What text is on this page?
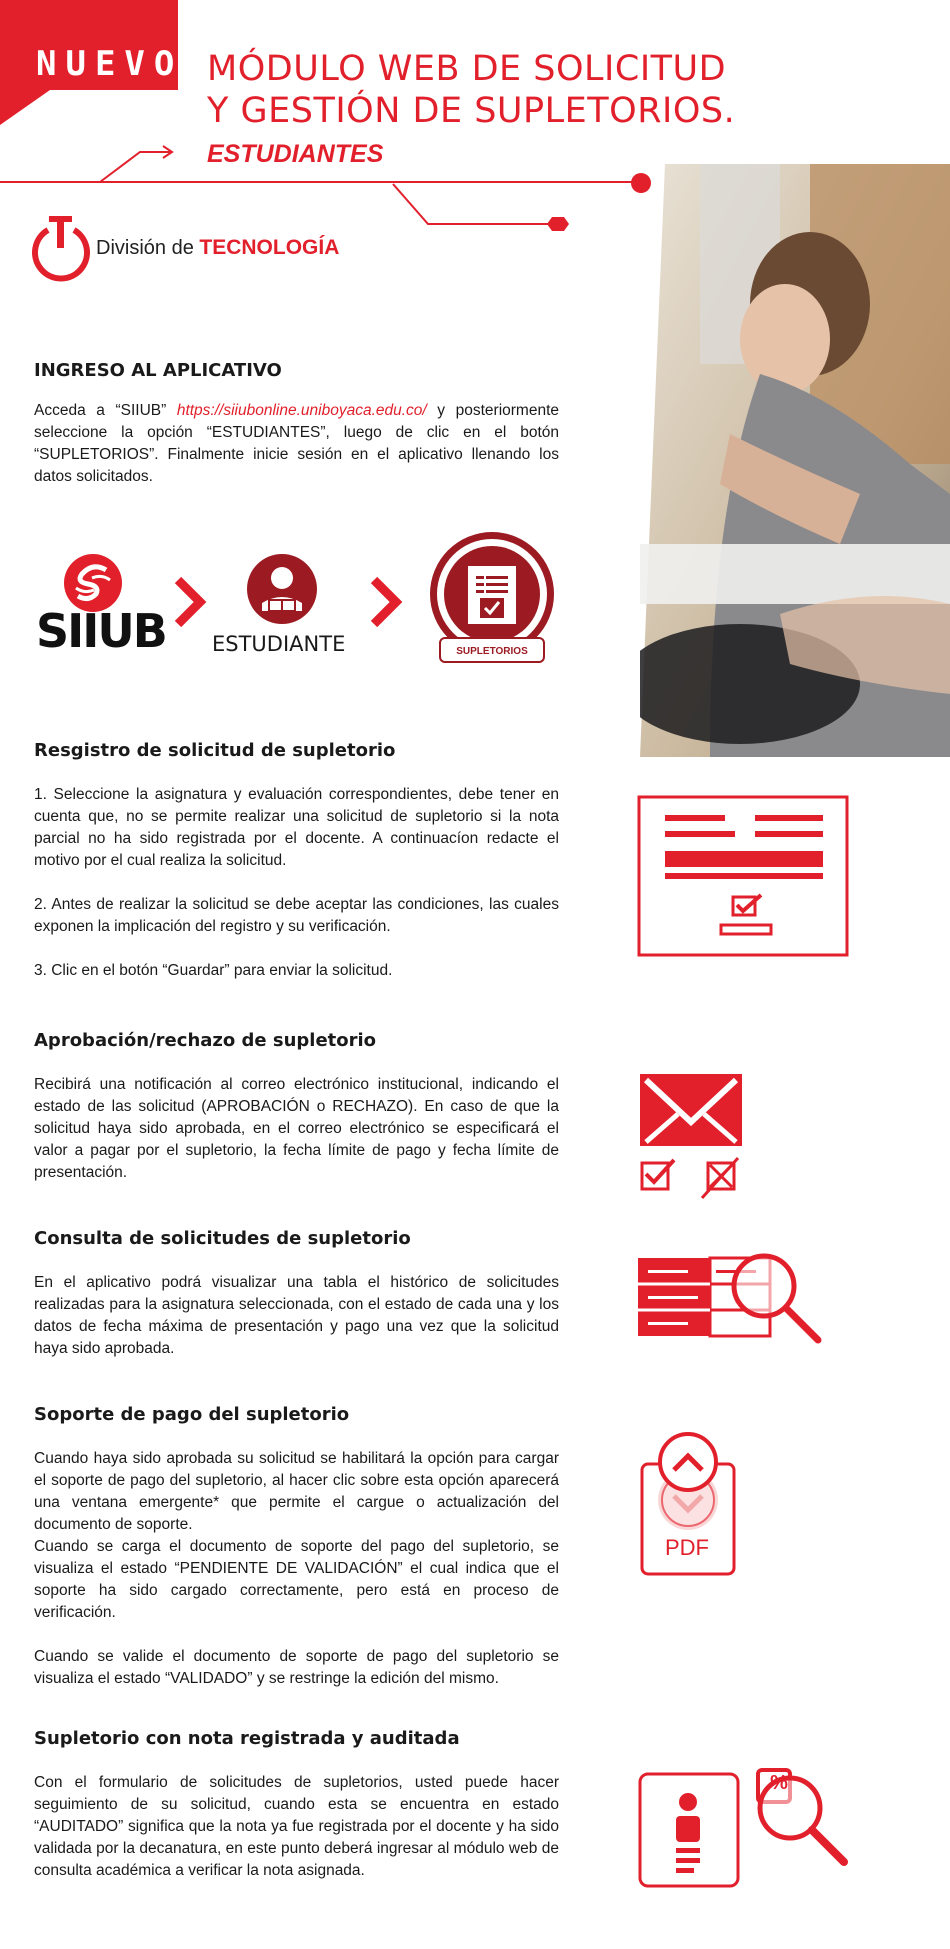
NUEVO MÓDULO WEB DE SOLICITUD
Y GESTIÓN DE SUPLETORIOS.
ESTUDIANTES
División de TECNOLOGÍA
INGRESO AL APLICATIVO

Acceda a “SIIUB” https://siiubonline.uniboyaca.edu.co/ y posteriormente seleccione la opción “ESTUDIANTES”, luego de clic en el botón “SUPLETORIOS”. Finalmente inicie sesión en el aplicativo llenando los datos solicitados.

SIIUB ESTUDIANTE	SUPLETORIOS
Resgistro de solicitud de supletorio

1. Seleccione la asignatura y evaluación correspondientes, debe tener en cuenta que, no se permite realizar una solicitud de supletorio si la nota parcial no ha sido registrada por el docente. A continuacíon redacte el motivo por el cual realiza la solicitud.

2. Antes de realizar la solicitud se debe aceptar las condiciones, las cuales exponen la implicación del registro y su verificación.

3. Clic en el botón “Guardar” para enviar la solicitud.

Aprobación/rechazo de supletorio

Recibirá una notificación al correo electrónico institucional, indicando el estado de las solicitud (APROBACIÓN o RECHAZO). En caso de que la solicitud haya sido aprobada, en el correo electrónico se especificará el valor a pagar por el supletorio, la fecha límite de pago y fecha límite de presentación.

Consulta de solicitudes de supletorio

En el aplicativo podrá visualizar una tabla el histórico de solicitudes realizadas para la asignatura seleccionada, con el estado de cada una y los datos de fecha máxima de presentación y pago una vez que la solicitud haya sido aprobada.

Soporte de pago del supletorio

Cuando haya sido aprobada su solicitud se habilitará la opción para cargar el soporte de pago del supletorio, al hacer clic sobre esta opción aparecerá una ventana emergente* que permite el cargue o actualización del documento de soporte.

Cuando se carga el documento de soporte del pago del supletorio, se visualiza el estado “PENDIENTE DE VALIDACIÓN” el cual indica que el soporte ha sido cargado correctamente, pero está en proceso de verificación.

Cuando se valide el documento de soporte de pago del supletorio se visualiza el estado “VALIDADO” y se restringe la edición del mismo.

PDF
Supletorio con nota registrada y auditada

Con el formulario de solicitudes de supletorios, usted puede hacer seguimiento de su solicitud, cuando esta se encuentra en estado “AUDITADO” significa que la nota ya fue registrada por el docente y ha sido validada por la decanatura, en este punto deberá ingresar al módulo web de consulta académica a verificar la nota asignada.

%
